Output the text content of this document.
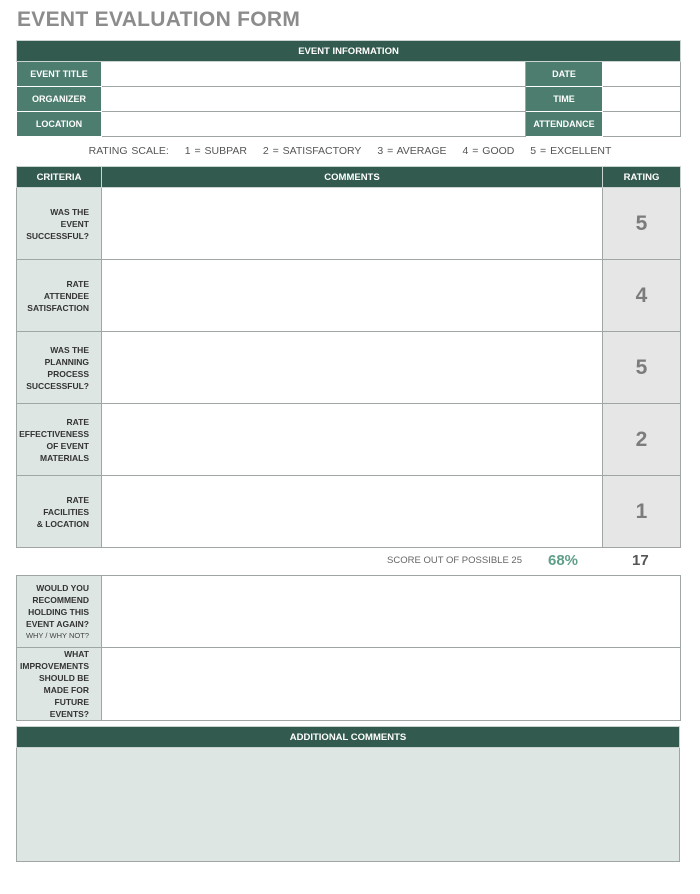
EVENT EVALUATION FORM
EVENT INFORMATION			
EVENT TITLE		DATE	
ORGANIZER		TIME	
LOCATION		ATTENDANCE	
RATING SCALE: 1 = SUBPAR 2 = SATISFACTORY 3 = AVERAGE 4 = GOOD 5 = EXCELLENT
CRITERIA	COMMENTS	RATING

WAS THE
EVENT
SUCCESSFUL?		5

RATE
ATTENDEE
SATISFACTION		4

WAS THE
PLANNING
PROCESS
SUCCESSFUL?		5

RATE
EFFECTIVENESS
OF EVENT
MATERIALS		2

RATE
FACILITIES
& LOCATION		1
SCORE OUT OF POSSIBLE 25 68%	17
WOULD YOU
RECOMMEND
HOLDING THIS
EVENT AGAIN?
WHY / WHY NOT?	

WHAT
IMPROVEMENTS
SHOULD BE
MADE FOR
FUTURE EVENTS?	

ADDITIONAL COMMENTS
